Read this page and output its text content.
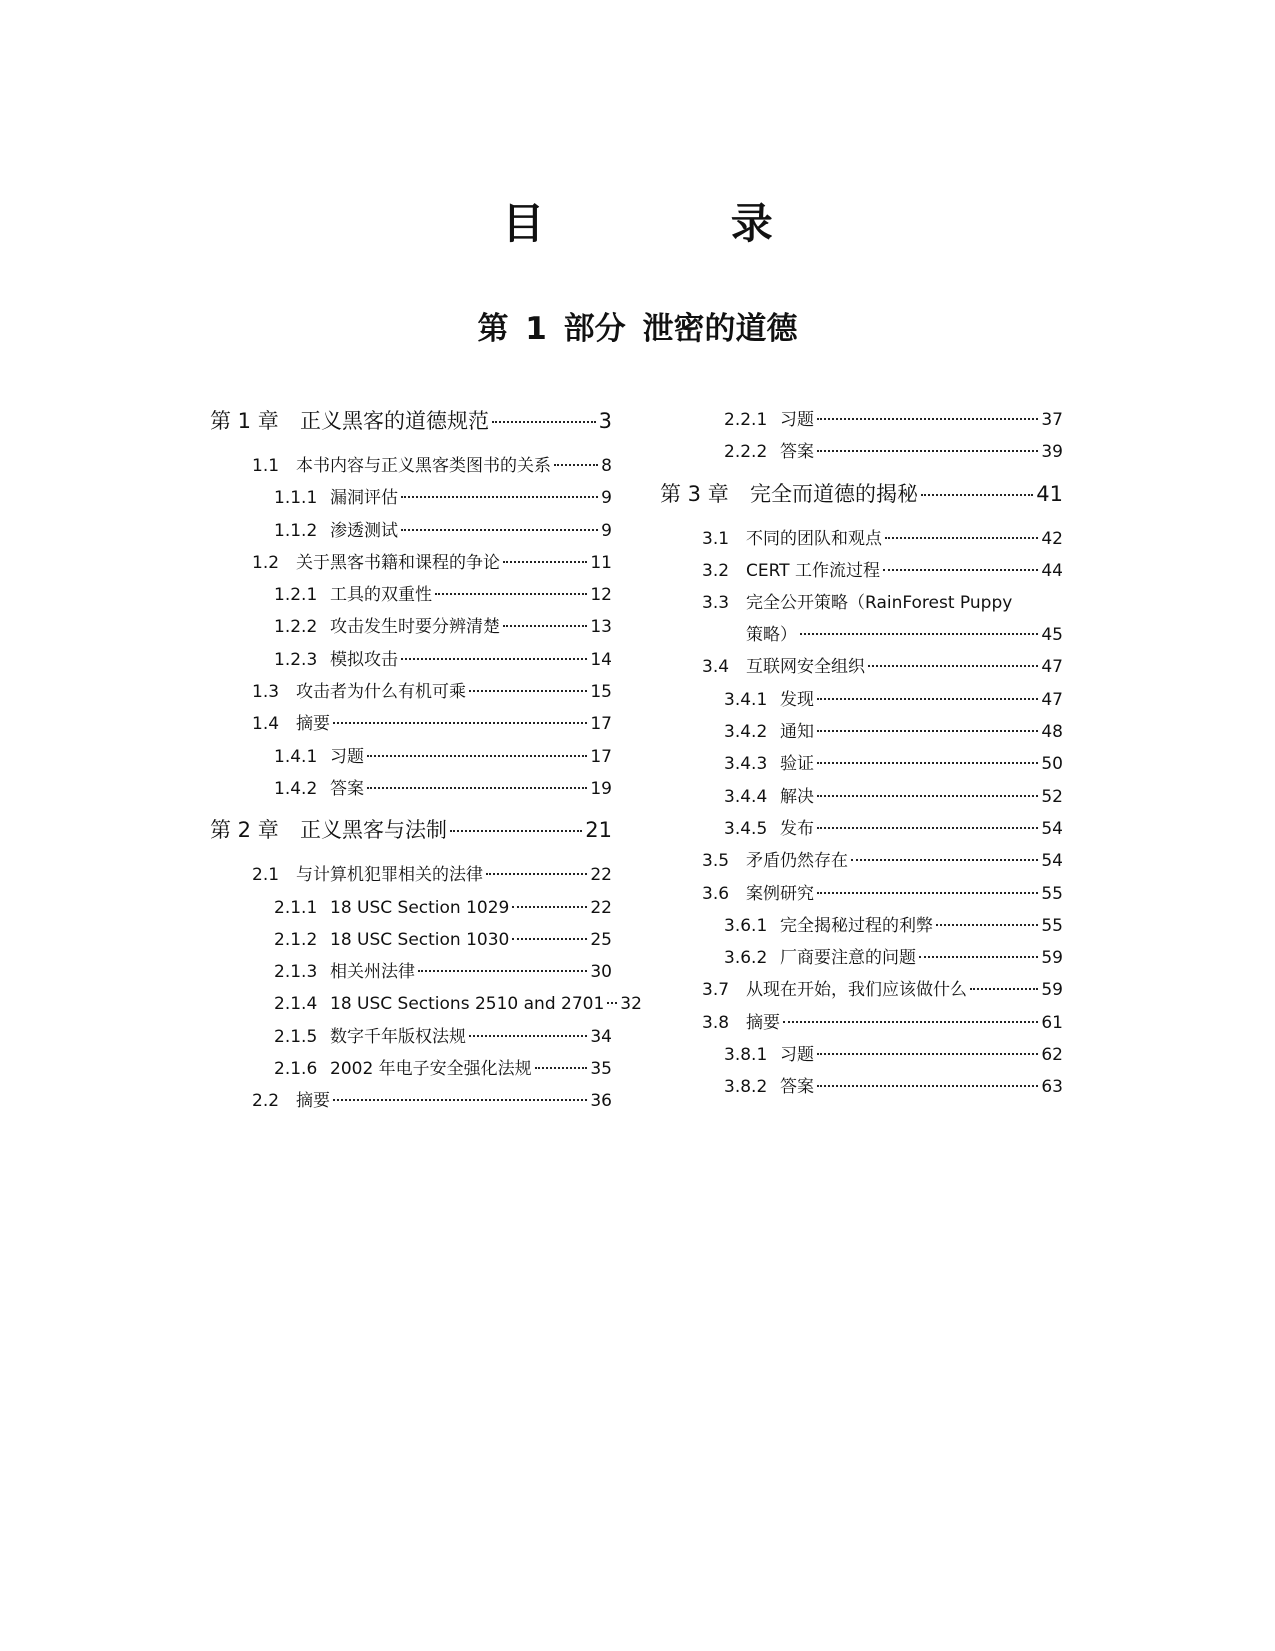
目 录
第 1 部分 泄密的道德
第 1 章	正义黑客的道德规范	3
1.1 本书内容与正义黑客类图书的关系	8
1.1.1 漏洞评估	9
1.1.2 渗透测试	9
1.2 关于黑客书籍和课程的争论	11
1.2.1 工具的双重性	12
1.2.2 攻击发生时要分辨清楚	13
1.2.3 模拟攻击	14
1.3 攻击者为什么有机可乘	15
1.4 摘要	17
1.4.1 习题	17
1.4.2 答案	19
第 2 章	正义黑客与法制	21
2.1 与计算机犯罪相关的法律	22
2.1.1 18 USC Section 1029	22
2.1.2 18 USC Section 1030	25
2.1.3 相关州法律	30
2.1.4 18 USC Sections 2510 and 2701 32
2.1.5 数字千年版权法规	34
2.1.6 2002 年电子安全强化法规	35
2.2 摘要	36
2.2.1 习题	37
2.2.2 答案	39
第 3 章	完全而道德的揭秘	41
3.1 不同的团队和观点	42
3.2 CERT 工作流过程	44
3.3 完全公开策略（RainForest Puppy
策略）	45
3.4 互联网安全组织	47
3.4.1 发现	47
3.4.2 通知	48
3.4.3 验证	50
3.4.4 解决	52
3.4.5 发布	54
3.5 矛盾仍然存在	54
3.6 案例研究	55
3.6.1 完全揭秘过程的利弊	55
3.6.2 厂商要注意的问题	59
3.7 从现在开始，我们应该做什么	59
3.8 摘要	61
3.8.1 习题	62
3.8.2 答案	63
